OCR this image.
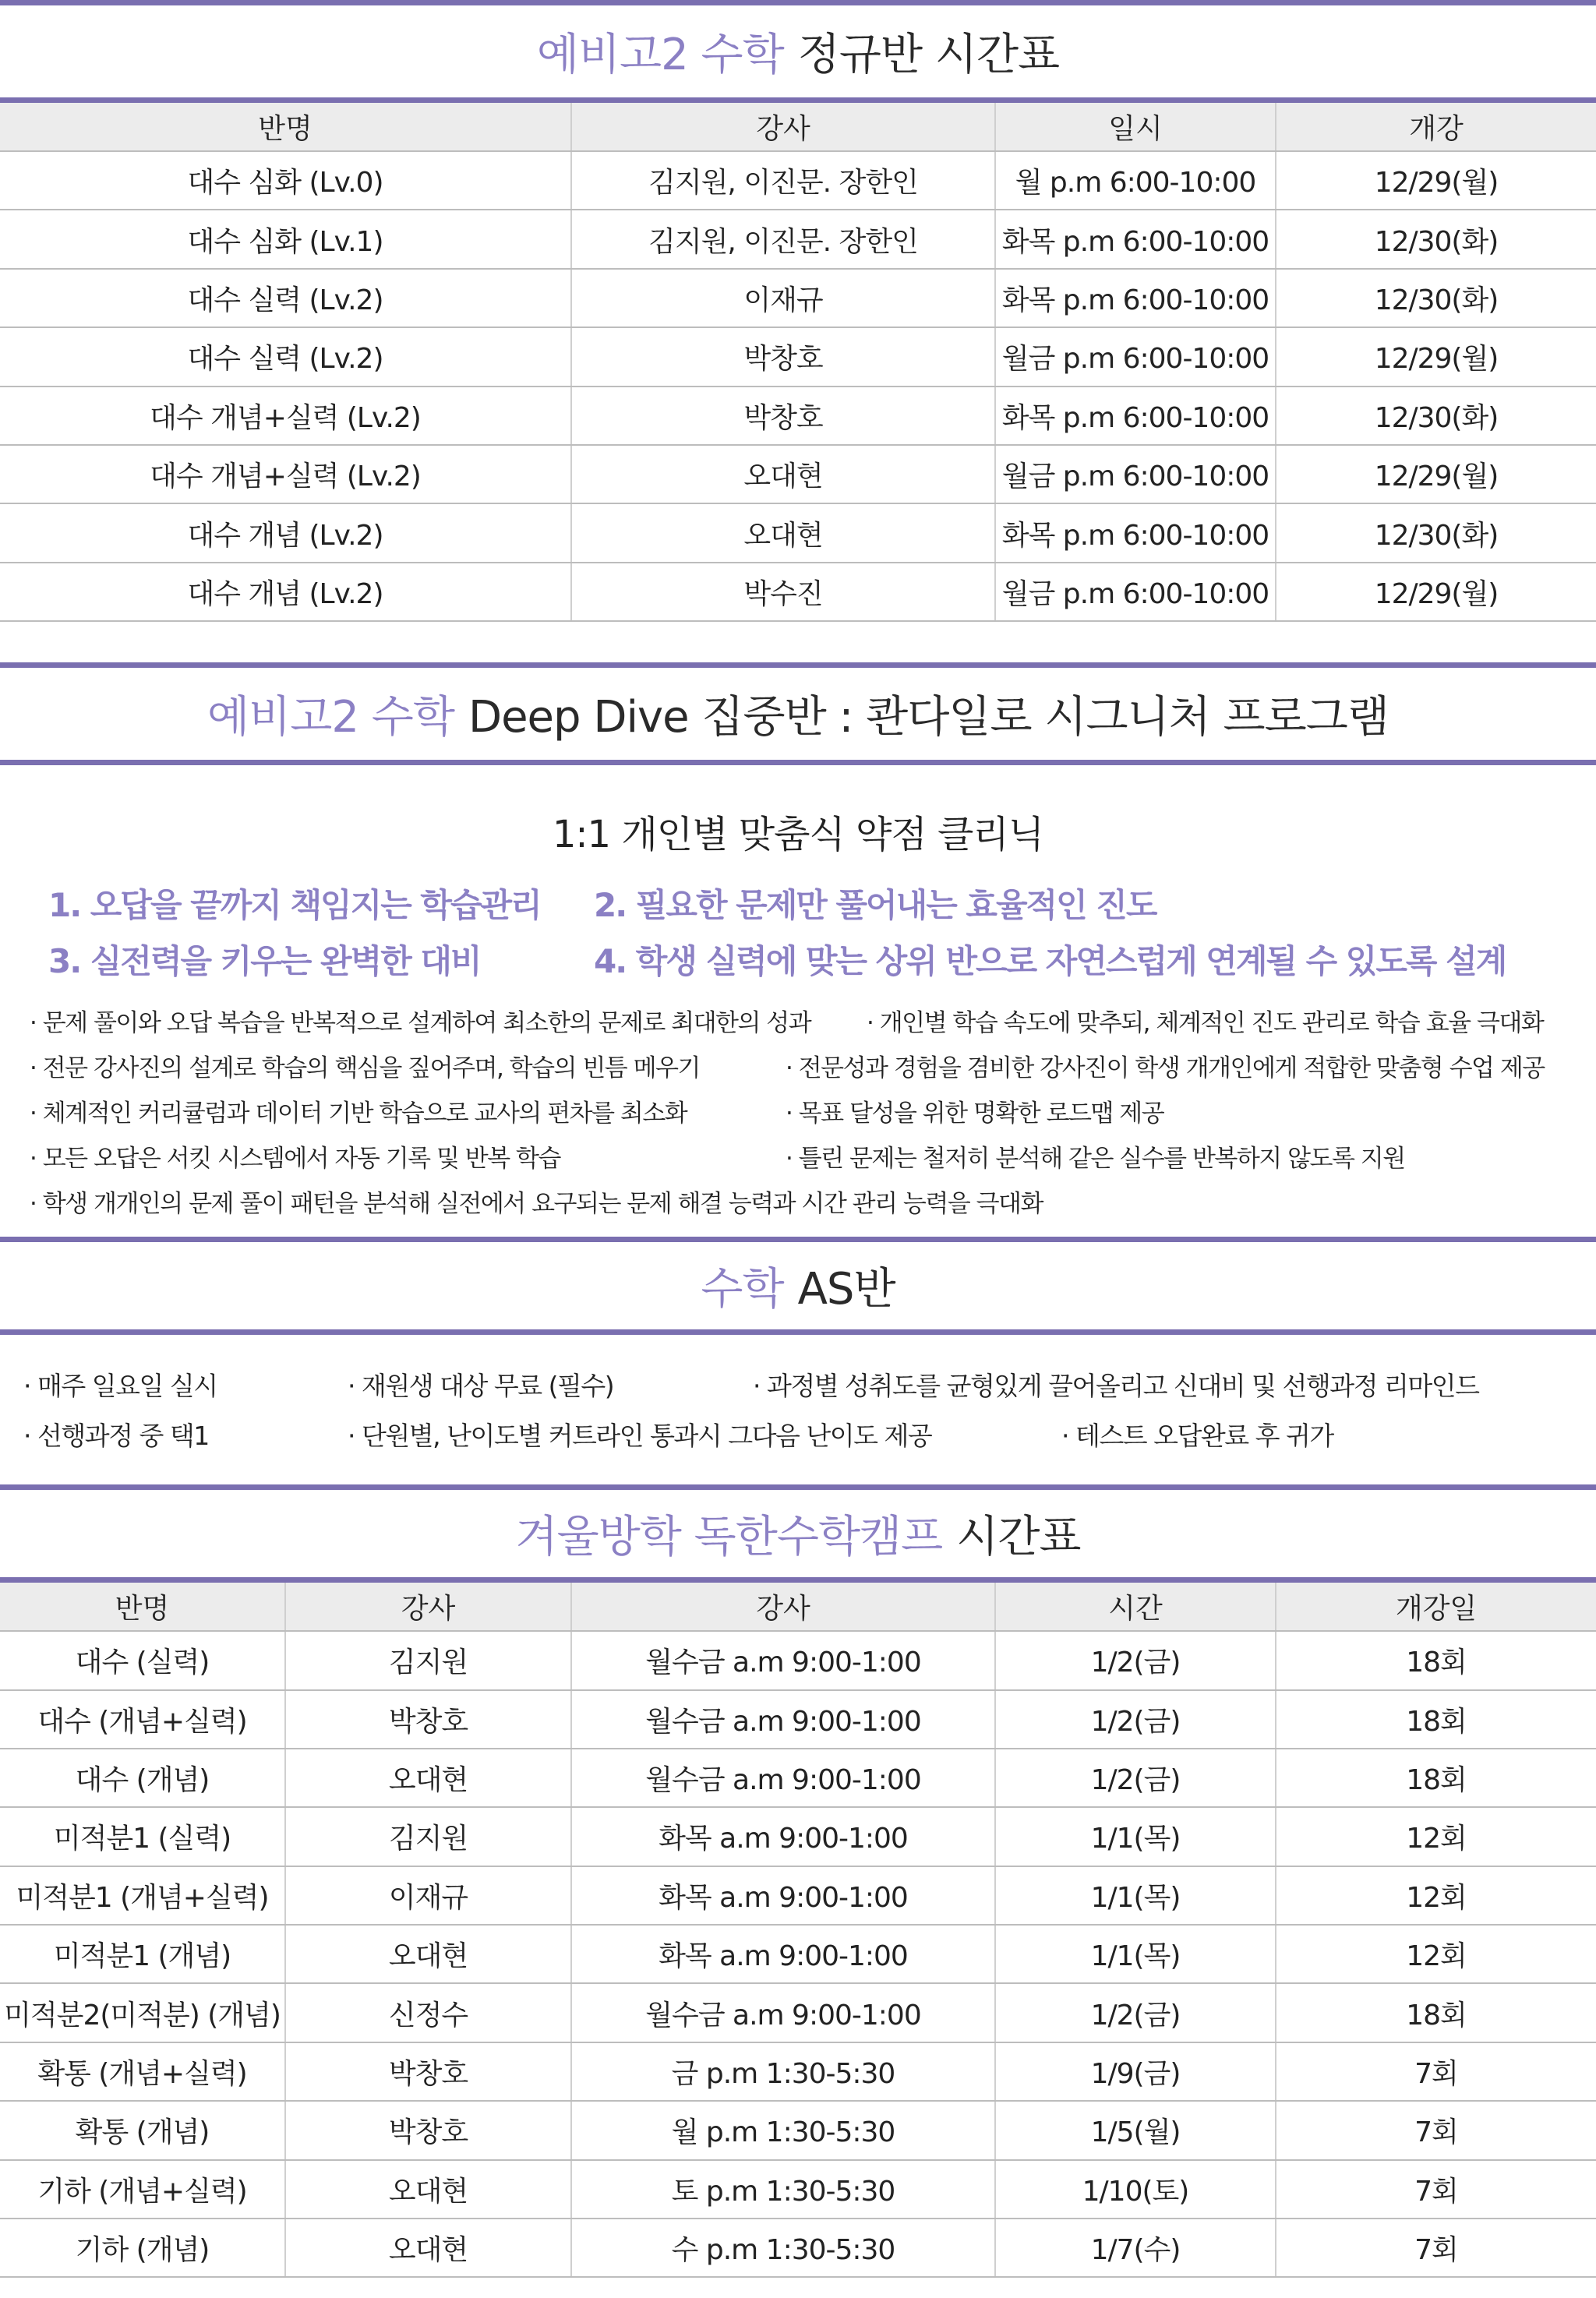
예비고2 수학 정규반 시간표
반명	강사	일시	개강
대수 심화 (Lv.0)	김지원, 이진문. 장한인	월 p.m 6:00-10:00	12/29(월)
대수 심화 (Lv.1)	김지원, 이진문. 장한인	화목 p.m 6:00-10:00	12/30(화)
대수 실력 (Lv.2)	이재규	화목 p.m 6:00-10:00	12/30(화)
대수 실력 (Lv.2)	박창호	월금 p.m 6:00-10:00	12/29(월)
대수 개념+실력 (Lv.2)	박창호	화목 p.m 6:00-10:00	12/30(화)
대수 개념+실력 (Lv.2)	오대현	월금 p.m 6:00-10:00	12/29(월)
대수 개념 (Lv.2)	오대현	화목 p.m 6:00-10:00	12/30(화)
대수 개념 (Lv.2)	박수진	월금 p.m 6:00-10:00	12/29(월)
예비고2 수학 Deep Dive 집중반 : 콴다일로 시그니처 프로그램
1:1 개인별 맞춤식 약점 클리닉
1. 오답을 끝까지 책임지는 학습관리 2. 필요한 문제만 풀어내는 효율적인 진도
3. 실전력을 키우는 완벽한 대비	4. 학생 실력에 맞는 상위 반으로 자연스럽게 연계될 수 있도록 설계
· 문제 풀이와 오답 복습을 반복적으로 설계하여 최소한의 문제로 최대한의 성과 · 개인별 학습 속도에 맞추되, 체계적인 진도 관리로 학습 효율 극대화
· 전문 강사진의 설계로 학습의 핵심을 짚어주며, 학습의 빈틈 메우기	· 전문성과 경험을 겸비한 강사진이 학생 개개인에게 적합한 맞춤형 수업 제공
· 체계적인 커리큘럼과 데이터 기반 학습으로 교사의 편차를 최소화	· 목표 달성을 위한 명확한 로드맵 제공
· 모든 오답은 서킷 시스템에서 자동 기록 및 반복 학습	· 틀린 문제는 철저히 분석해 같은 실수를 반복하지 않도록 지원
· 학생 개개인의 문제 풀이 패턴을 분석해 실전에서 요구되는 문제 해결 능력과 시간 관리 능력을 극대화
수학 AS반
· 매주 일요일 실시	· 재원생 대상 무료 (필수)	· 과정별 성취도를 균형있게 끌어올리고 신대비 및 선행과정 리마인드
· 선행과정 중 택1	· 단원별, 난이도별 커트라인 통과시 그다음 난이도 제공	· 테스트 오답완료 후 귀가
겨울방학 독한수학캠프 시간표
반명	강사	강사	시간	개강일
대수 (실력)	김지원	월수금 a.m 9:00-1:00	1/2(금)	18회
대수 (개념+실력)	박창호	월수금 a.m 9:00-1:00	1/2(금)	18회
대수 (개념)	오대현	월수금 a.m 9:00-1:00	1/2(금)	18회
미적분1 (실력)	김지원	화목 a.m 9:00-1:00	1/1(목)	12회
미적분1 (개념+실력)	이재규	화목 a.m 9:00-1:00	1/1(목)	12회
미적분1 (개념)	오대현	화목 a.m 9:00-1:00	1/1(목)	12회
미적분2(미적분) (개념)	신정수	월수금 a.m 9:00-1:00	1/2(금)	18회
확통 (개념+실력)	박창호	금 p.m 1:30-5:30	1/9(금)	7회
확통 (개념)	박창호	월 p.m 1:30-5:30	1/5(월)	7회
기하 (개념+실력)	오대현	토 p.m 1:30-5:30	1/10(토)	7회
기하 (개념)	오대현	수 p.m 1:30-5:30	1/7(수)	7회
